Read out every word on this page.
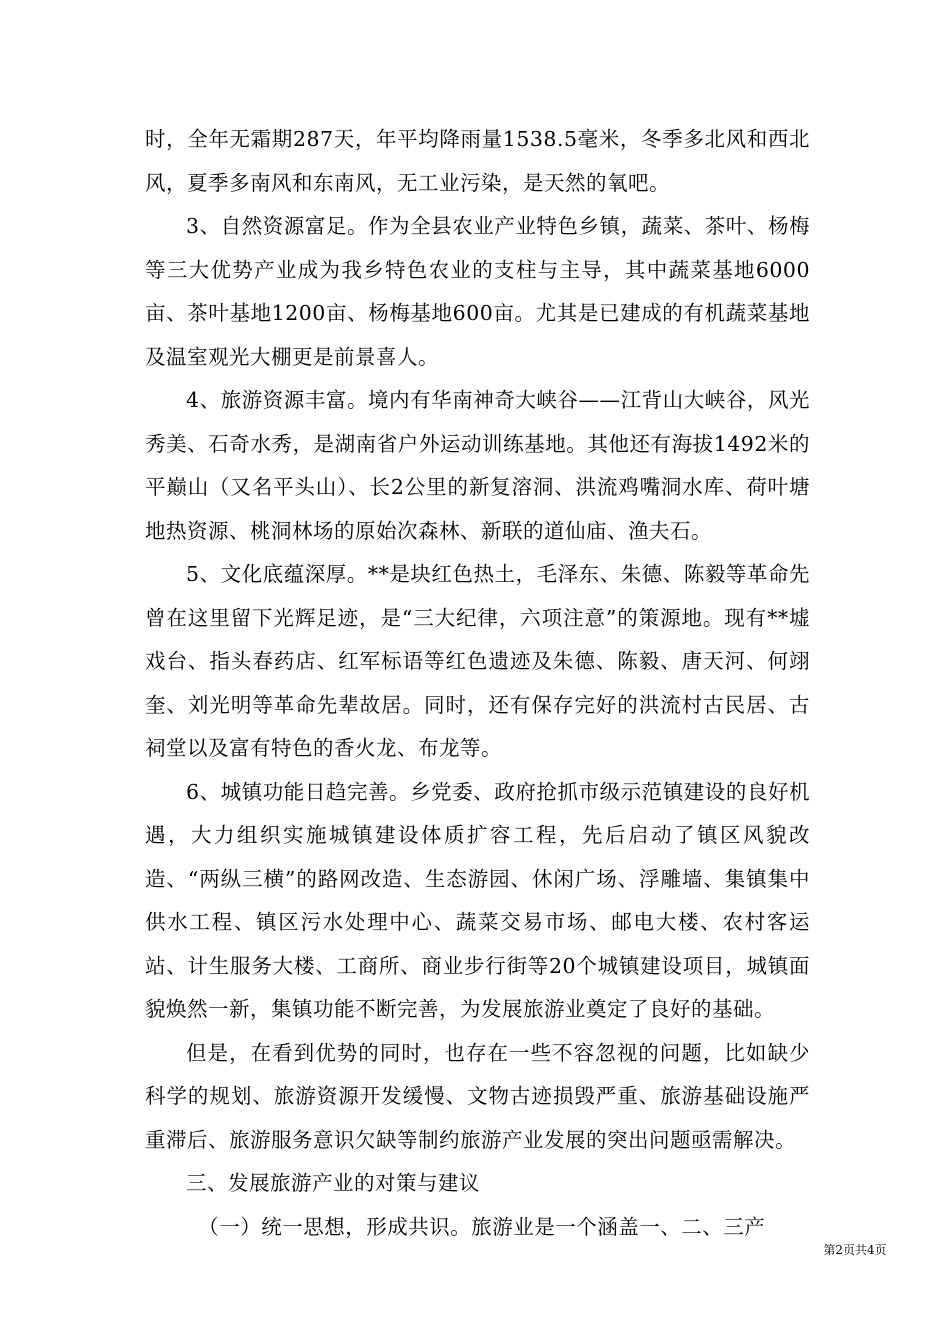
时，全年无霜期287天，年平均降雨量1538.5毫米，冬季多北风和西北风，夏季多南风和东南风，无工业污染，是天然的氧吧。

3、自然资源富足。作为全县农业产业特色乡镇，蔬菜、茶叶、杨梅等三大优势产业成为我乡特色农业的支柱与主导，其中蔬菜基地6000亩、茶叶基地1200亩、杨梅基地600亩。尤其是已建成的有机蔬菜基地及温室观光大棚更是前景喜人。

4、旅游资源丰富。境内有华南神奇大峡谷——江背山大峡谷，风光秀美、石奇水秀，是湖南省户外运动训练基地。其他还有海拔1492米的平巅山（又名平头山）、长2公里的新复溶洞、洪流鸡嘴洞水库、荷叶塘地热资源、桃洞林场的原始次森林、新联的道仙庙、渔夫石。

5、文化底蕴深厚。**是块红色热土，毛泽东、朱德、陈毅等革命先曾在这里留下光辉足迹，是“三大纪律，六项注意”的策源地。现有**墟戏台、指头春药店、红军标语等红色遗迹及朱德、陈毅、唐天河、何翊奎、刘光明等革命先辈故居。同时，还有保存完好的洪流村古民居、古祠堂以及富有特色的香火龙、布龙等。

6、城镇功能日趋完善。乡党委、政府抢抓市级示范镇建设的良好机遇，大力组织实施城镇建设体质扩容工程，先后启动了镇区风貌改造、“两纵三横”的路网改造、生态游园、休闲广场、浮雕墙、集镇集中供水工程、镇区污水处理中心、蔬菜交易市场、邮电大楼、农村客运站、计生服务大楼、工商所、商业步行街等20个城镇建设项目，城镇面貌焕然一新，集镇功能不断完善，为发展旅游业奠定了良好的基础。

但是，在看到优势的同时，也存在一些不容忽视的问题，比如缺少科学的规划、旅游资源开发缓慢、文物古迹损毁严重、旅游基础设施严重滞后、旅游服务意识欠缺等制约旅游产业发展的突出问题亟需解决。

三、发展旅游产业的对策与建议

（一）统一思想，形成共识。旅游业是一个涵盖一、二、三产

第2页共4页
